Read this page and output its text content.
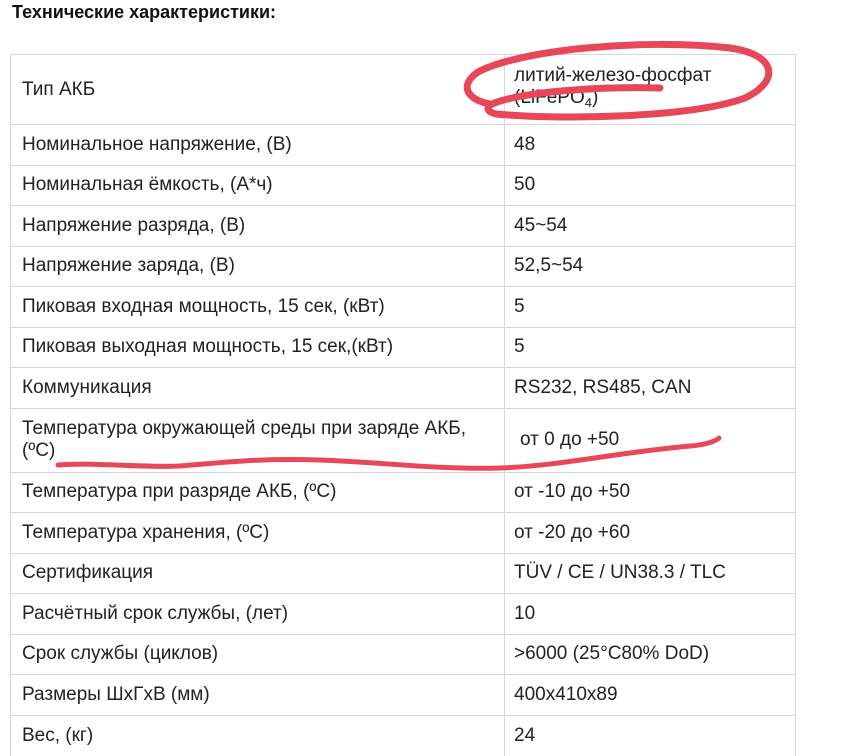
Технические характеристики:
Тип АКБ	литий-железо-фосфат
(LiFePO$_4$)
Номинальное напряжение, (В)	48
Номинальная ёмкость, (А*ч)	50
Напряжение разряда, (В)	45~54
Напряжение заряда, (В)	52,5~54
Пиковая входная мощность, 15 сек, (кВт)	5
Пиковая выходная мощность, 15 сек,(кВт)	5
Коммуникация	RS232, RS485, CAN
Температура окружающей среды при заряде АКБ, (ºC)	от 0 до +50
Температура при разряде АКБ, (ºC)	от -10 до +50
Температура хранения, (ºC)	от -20 до +60
Сертификация	TÜV / CE / UN38.3 / TLC
Расчётный срок службы, (лет)	10
Срок службы (циклов)	>6000 (25°C80% DoD)
Размеры ШxГxВ (мм)	400x410x89
Вес, (кг)	24
